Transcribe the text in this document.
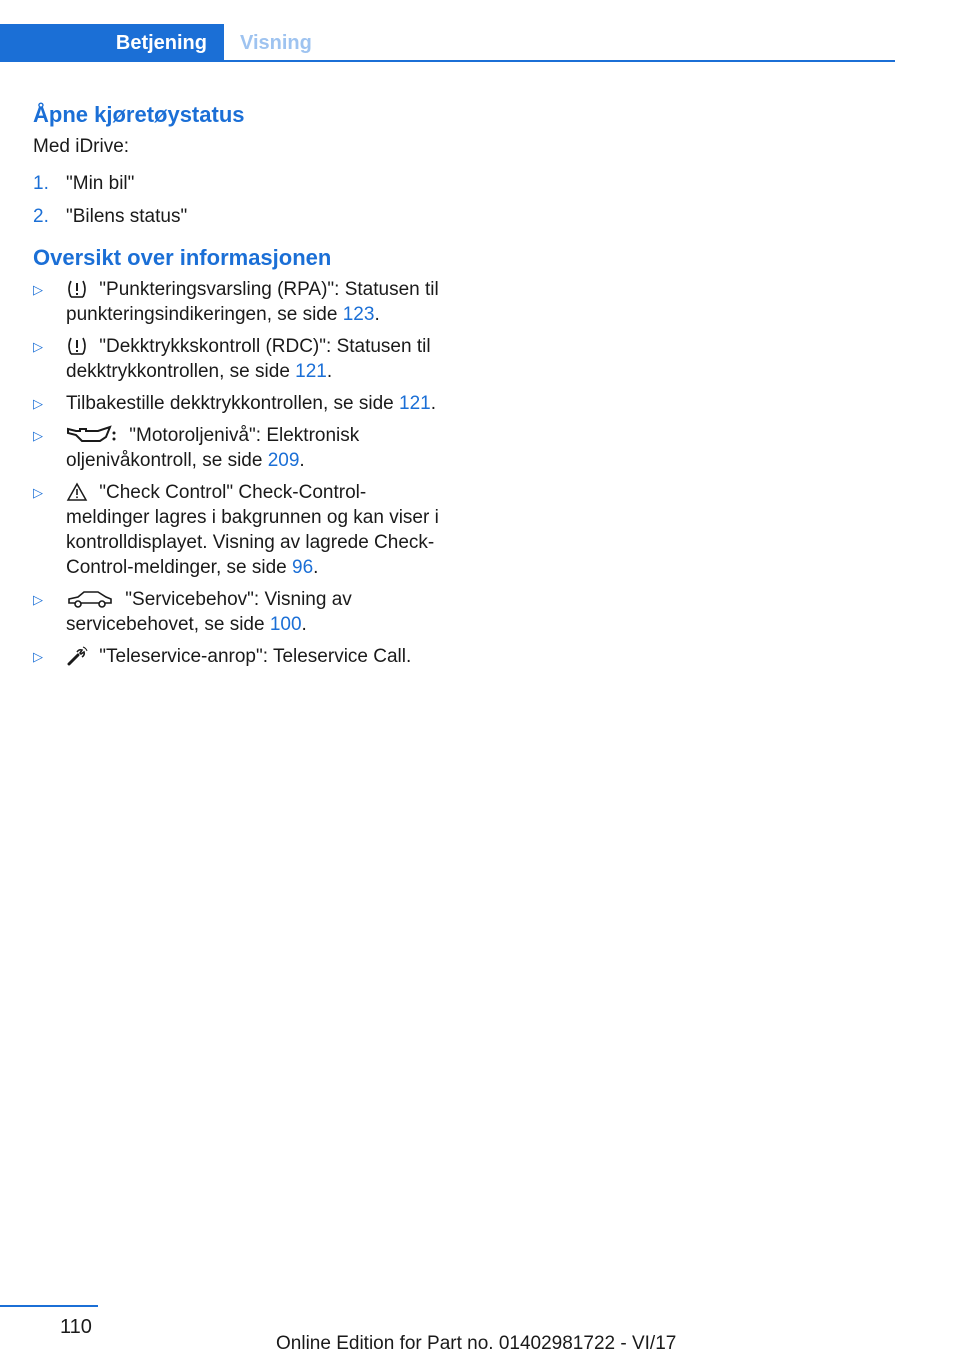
Betjening	Visning
Åpne kjøretøystatus
Med iDrive:
1. "Min bil"
2. "Bilens status"
Oversikt over informasjonen
▷	"Punkteringsvarsling (RPA)": Statusen til punkteringsindikeringen, se side 123.
▷	"Dekktrykkskontroll (RDC)": Statusen til dekktrykkontrollen, se side 121.
▷	Tilbakestille dekktrykkontrollen, se side 121.
▷	"Motoroljenivå": Elektronisk oljenivåkontroll, se side 209.
▷	"Check Control" Check-Control-meldinger lagres i bakgrunnen og kan viser i kontrolldisplayet. Visning av lagrede Check-Control-meldinger, se side 96.
▷	"Servicebehov": Visning av servicebehovet, se side 100.
▷	"Teleservice-anrop": Teleservice Call.
110
Online Edition for Part no. 01402981722 - VI/17
